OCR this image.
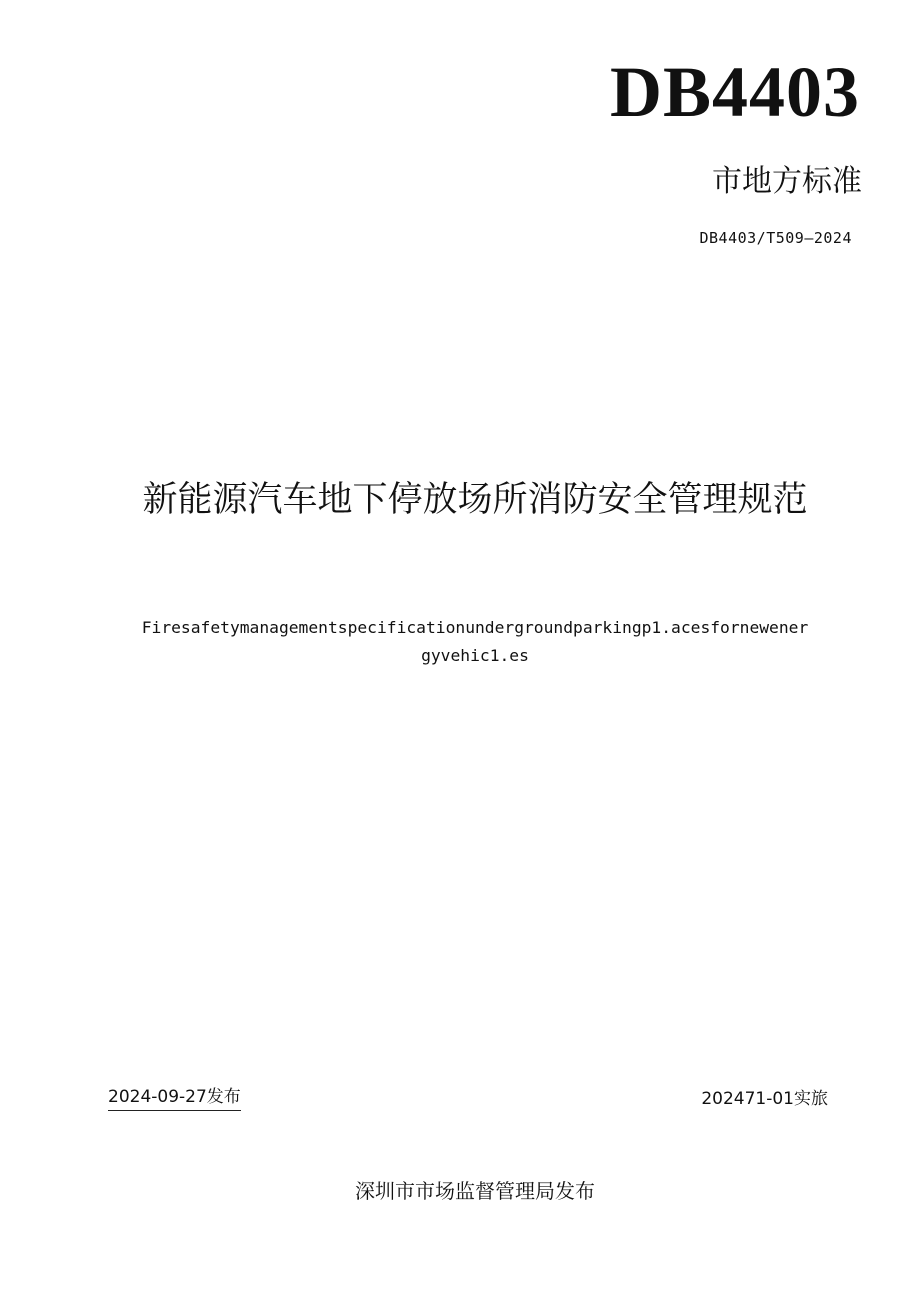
DB4403
市地方标准
DB4403/T509—2024
新能源汽车地下停放场所消防安全管理规范
Firesafetymanagementspecificationundergroundparkingp1.acesfornewenergyvehic1.es
2024-09-27发布	202471-01实旅
深圳市市场监督管理局发布
